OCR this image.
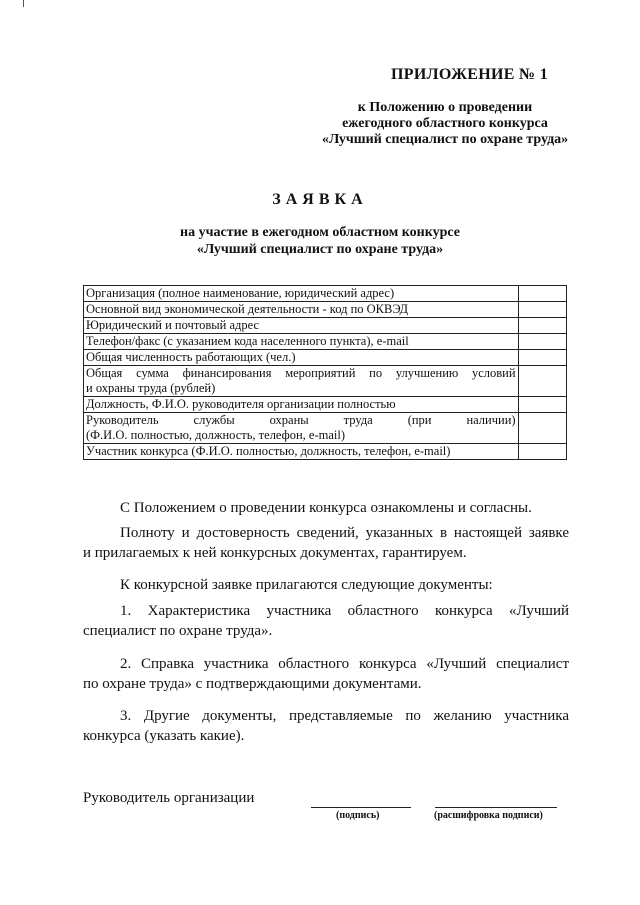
ПРИЛОЖЕНИЕ № 1
к Положению о проведении
ежегодного областного конкурса
«Лучший специалист по охране труда»
ЗАЯВКА
на участие в ежегодном областном конкурсе
«Лучший специалист по охране труда»
Организация (полное наименование, юридический адрес)	
Основной вид экономической деятельности - код по ОКВЭД	
Юридический и почтовый адрес	
Телефон/факс (с указанием кода населенного пункта), e-mail	
Общая численность работающих (чел.)	

Общая сумма финансирования мероприятий по улучшению условий
и охраны труда (рублей)	
Должность, Ф.И.О. руководителя организации полностью	

Руководитель службы охраны труда (при наличии)
(Ф.И.О. полностью, должность, телефон, e-mail)	
Участник конкурса (Ф.И.О. полностью, должность, телефон, e-mail)	
С Положением о проведении конкурса ознакомлены и согласны.
Полноту и достоверность сведений, указанных в настоящей заявке
и прилагаемых к ней конкурсных документах, гарантируем.
К конкурсной заявке прилагаются следующие документы:
1. Характеристика участника областного конкурса «Лучший
специалист по охране труда».
2. Справка участника областного конкурса «Лучший специалист
по охране труда» с подтверждающими документами.
3. Другие документы, представляемые по желанию участника
конкурса (указать какие).
Руководитель организации
(подпись)	(расшифровка подписи)
